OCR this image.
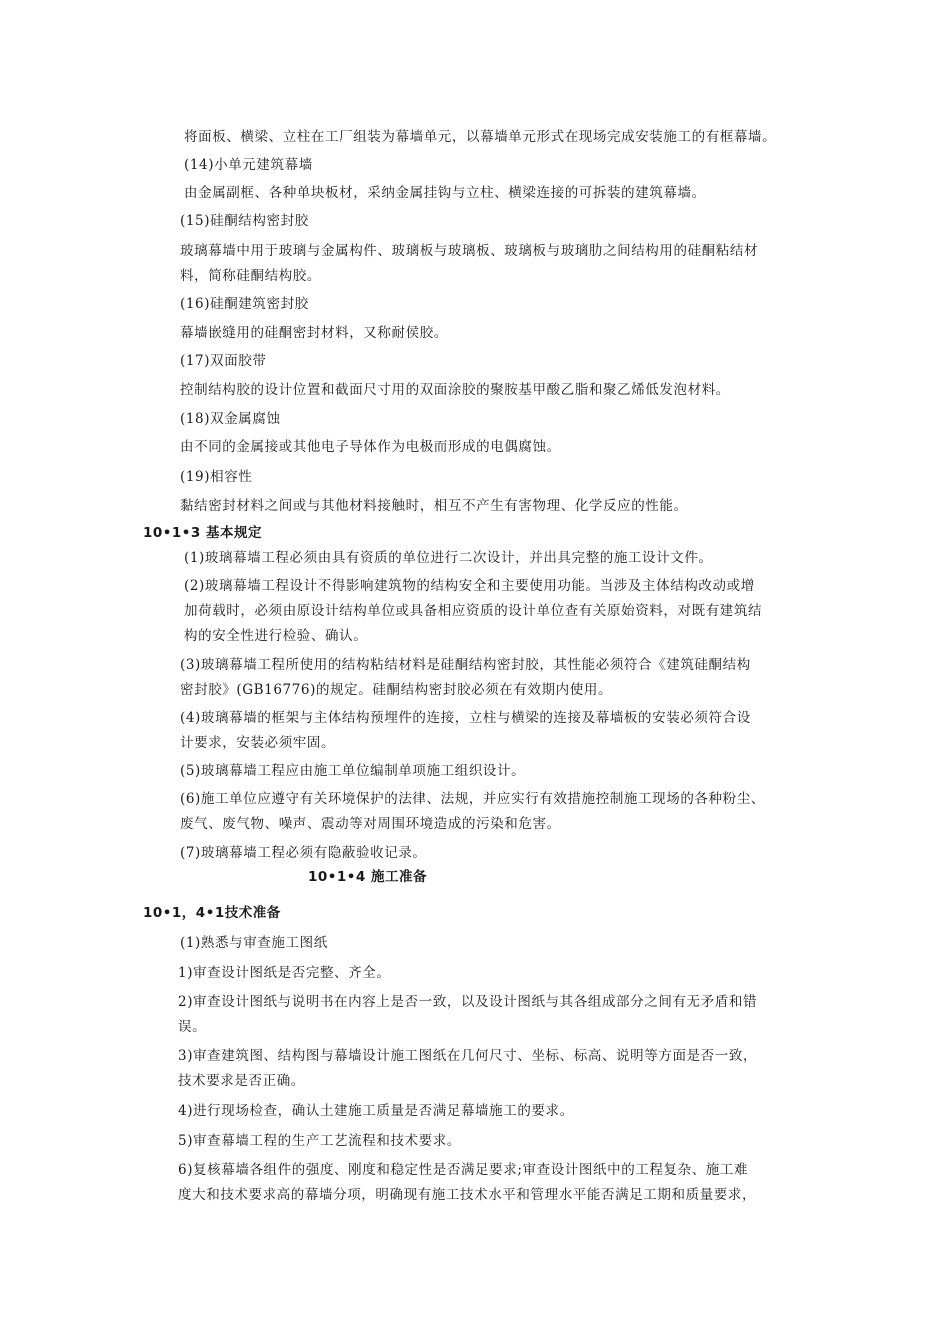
将面板、横梁、立柱在工厂组装为幕墙单元，以幕墙单元形式在现场完成安装施工的有框幕墙。
(14)小单元建筑幕墙
由金属副框、各种单块板材，采纳金属挂钩与立柱、横梁连接的可拆装的建筑幕墙。
(15)硅酮结构密封胶
玻璃幕墙中用于玻璃与金属构件、玻璃板与玻璃板、玻璃板与玻璃肋之间结构用的硅酮粘结材
料，简称硅酮结构胶。
(16)硅酮建筑密封胶
幕墙嵌缝用的硅酮密封材料，又称耐侯胶。
(17)双面胶带
控制结构胶的设计位置和截面尺寸用的双面涂胶的聚胺基甲酸乙脂和聚乙烯低发泡材料。
(18)双金属腐蚀
由不同的金属接或其他电子导体作为电极而形成的电偶腐蚀。
(19)相容性
黏结密封材料之间或与其他材料接触时，相互不产生有害物理、化学反应的性能。
10•1•3 基本规定
(1)玻璃幕墙工程必须由具有资质的单位进行二次设计，并出具完整的施工设计文件。
(2)玻璃幕墙工程设计不得影响建筑物的结构安全和主要使用功能。当涉及主体结构改动或增
加荷载时，必须由原设计结构单位或具备相应资质的设计单位查有关原始资料，对既有建筑结
构的安全性进行检验、确认。
(3)玻璃幕墙工程所使用的结构粘结材料是硅酮结构密封胶，其性能必须符合《建筑硅酮结构
密封胶》(GB16776)的规定。硅酮结构密封胶必须在有效期内使用。
(4)玻璃幕墙的框架与主体结构预埋件的连接，立柱与横梁的连接及幕墙板的安装必须符合设
计要求，安装必须牢固。
(5)玻璃幕墙工程应由施工单位编制单项施工组织设计。
(6)施工单位应遵守有关环境保护的法律、法规，并应实行有效措施控制施工现场的各种粉尘、
废气、废气物、噪声、震动等对周围环境造成的污染和危害。
(7)玻璃幕墙工程必须有隐蔽验收记录。
10•1•4 施工准备
10•1，4•1技术准备
(1)熟悉与审查施工图纸
1)审查设计图纸是否完整、齐全。
2)审查设计图纸与说明书在内容上是否一致，以及设计图纸与其各组成部分之间有无矛盾和错
误。
3)审查建筑图、结构图与幕墙设计施工图纸在几何尺寸、坐标、标高、说明等方面是否一致，
技术要求是否正确。
4)进行现场检查，确认土建施工质量是否满足幕墙施工的要求。
5)审查幕墙工程的生产工艺流程和技术要求。
6)复核幕墙各组件的强度、刚度和稳定性是否满足要求;审查设计图纸中的工程复杂、施工难
度大和技术要求高的幕墙分项，明确现有施工技术水平和管理水平能否满足工期和质量要求，
